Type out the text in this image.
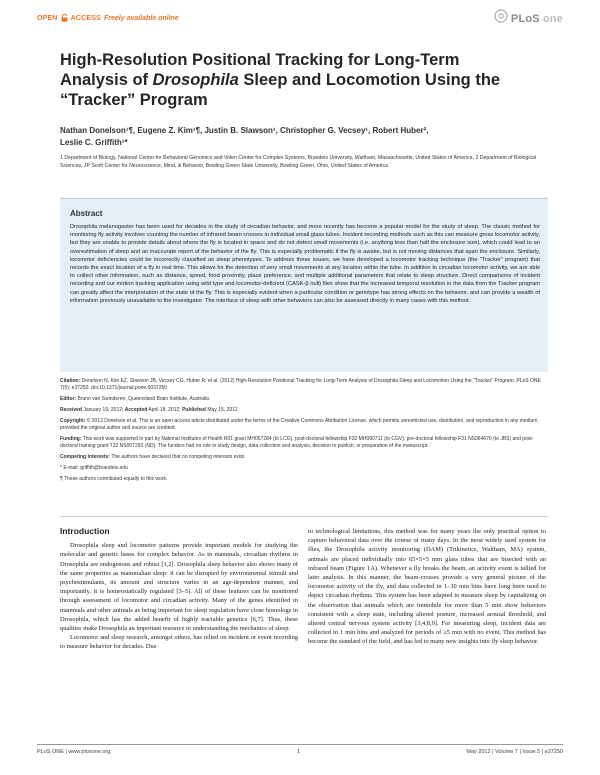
OPEN ACCESS Freely available online	PLoS one
High-Resolution Positional Tracking for Long-Term
Analysis of Drosophila Sleep and Locomotion Using the
“Tracker” Program
Nathan Donelson¹¶, Eugene Z. Kim¹¶, Justin B. Slawson¹, Christopher G. Vecsey¹, Robert Huber²,
Leslie C. Griffith¹*
1 Department of Biology, National Center for Behavioral Genomics and Volen Center for Complex Systems, Brandeis University, Waltham, Massachusetts, United States of America, 2 Department of Biological Sciences, JP Scott Center for Neuroscience, Mind, & Behavior, Bowling Green State University, Bowling Green, Ohio, United States of America
Abstract
Drosophila melanogaster has been used for decades in the study of circadian behavior, and more recently has become a popular model for the study of sleep. The classic method for monitoring fly activity involves counting the number of infrared beam crosses in individual small glass tubes. Incident recording methods such as this can measure gross locomotor activity, but they are unable to provide details about where the fly is located in space and do not detect small movements (i.e. anything less than half the enclosure size), which could lead to an overestimation of sleep and an inaccurate report of the behavior of the fly. This is especially problematic if the fly is awake, but is not moving distances that span the enclosure. Similarly, locomotor deficiencies could be incorrectly classified as sleep phenotypes. To address these issues, we have developed a locomotor tracking technique (the “Tracker” program) that records the exact location of a fly in real time. This allows for the detection of very small movements at any location within the tube. In addition to circadian locomotor activity, we are able to collect other information, such as distance, speed, food proximity, place preference, and multiple additional parameters that relate to sleep structure. Direct comparisons of incident recording and our motion tracking application using wild type and locomotor-deficient (CASK-β null) flies show that the increased temporal resolution in the data from the Tracker program can greatly affect the interpretation of the state of the fly. This is especially evident when a particular condition or genotype has strong effects on the behavior, and can provide a wealth of information previously unavailable to the investigator. The interface of sleep with other behaviors can also be assessed directly in many cases with this method.

Citation: Donelson N, Kim EZ, Slawson JB, Vecsey CG, Huber R, et al. (2012) High-Resolution Positional Tracking for Long-Term Analysis of Drosophila Sleep and Locomotion Using the “Tracker” Program. PLoS ONE 7(5): e37250. doi:10.1371/journal.pone.0037250

Editor: Bruno van Swinderen, Queensland Brain Institute, Australia

Received January 19, 2012; Accepted April 18, 2012; Published May 15, 2012

Copyright: © 2012 Donelson et al. This is an open-access article distributed under the terms of the Creative Commons Attribution License, which permits unrestricted use, distribution, and reproduction in any medium, provided the original author and source are credited.

Funding: This work was supported in part by National Institutes of Health R01 grant MH067284 (to LCG), post-doctoral fellowship F32 MH090711 (to CGV), pre-doctoral fellowship F31 NS064670 (to JBS) and post-doctoral training grant T32 NS007292 (ND). The funders had no role in study design, data collection and analysis, decision to publish, or preparation of the manuscript.

Competing Interests: The authors have declared that no competing interests exist.

* E-mail: griffith@brandeis.edu

¶ These authors contributed equally to this work.

Introduction

Drosophila sleep and locomotor patterns provide important models for studying the molecular and genetic bases for complex behavior. As in mammals, circadian rhythms in Drosophila are endogenous and robust [1,2]. Drosophila sleep behavior also shows many of the same properties as mammalian sleep: it can be disrupted by environmental stimuli and psychostimulants, its amount and structure varies in an age-dependent manner, and importantly, it is homeostatically regulated [3–5]. All of these features can be monitored through assessment of locomotor and circadian activity. Many of the genes identified in mammals and other animals as being important for sleep regulation have close homologs in Drosophila, which has the added benefit of highly tractable genetics [6,7]. Thus, these qualities make Drosophila an important resource in understanding the mechanics of sleep.

Locomotor and sleep research, amongst others, has relied on incident or event recording to measure behavior for decades. Due

to technological limitations, this method was for many years the only practical option to capture behavioral data over the course of many days. In the most widely used system for flies, the Drosophila activity monitoring (DAM) (Trikinetics, Waltham, MA) system, animals are placed individually into 65×5×5 mm glass tubes that are bisected with an infrared beam (Figure 1A). Whenever a fly breaks the beam, an activity event is tallied for later analysis. In this manner, the beam-crosses provide a very general picture of the locomotor activity of the fly, and data collected in 1–30 min bins have long been used to depict circadian rhythms. This system has been adapted to measure sleep by capitalizing on the observation that animals which are immobile for more than 5 min show behaviors consistent with a sleep state, including altered posture, increased arousal threshold, and altered central nervous system activity [3,4,8,9]. For measuring sleep, incident data are collected in 1 min bins and analyzed for periods of ≥5 min with no event. This method has become the standard of the field, and has led to many new insights into fly sleep behavior.

PLoS ONE | www.plosone.org	1	May 2012 | Volume 7 | Issue 5 | e37250
